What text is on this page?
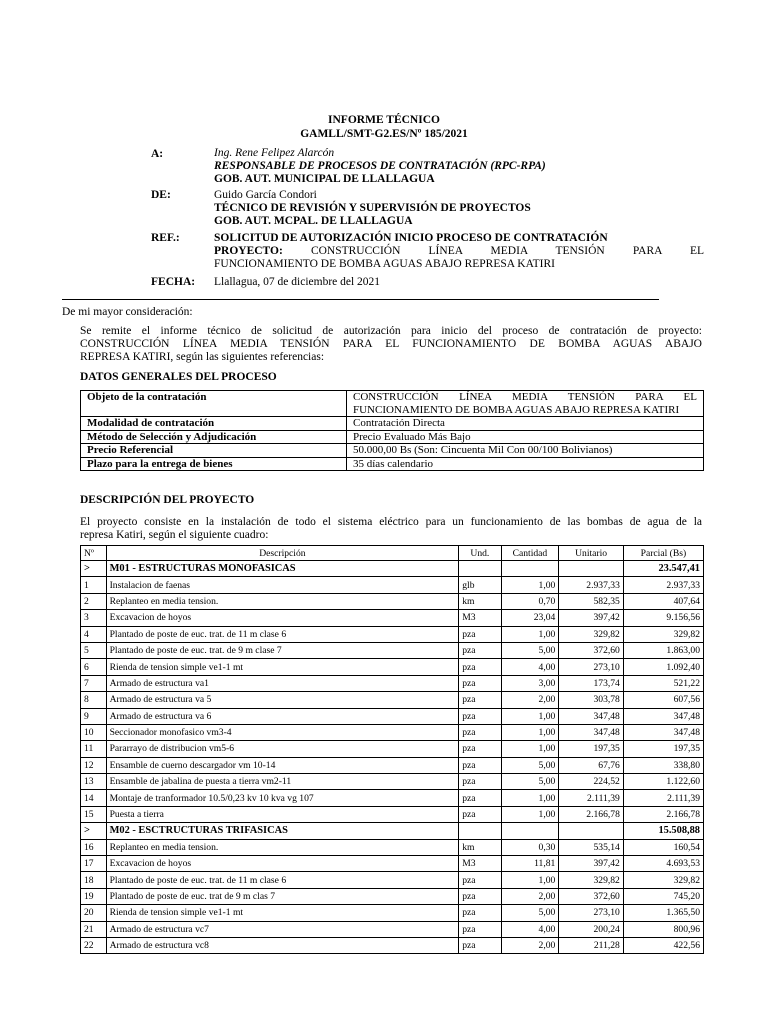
INFORME TÉCNICO
GAMLL/SMT-G2.ES/Nº 185/2021
A:	Ing. Rene Felipez Alarcón
RESPONSABLE DE PROCESOS DE CONTRATACIÓN (RPC-RPA)
GOB. AUT. MUNICIPAL DE LLALLAGUA
DE:	Guido García Condori
TÉCNICO DE REVISIÓN Y SUPERVISIÓN DE PROYECTOS
GOB. AUT. MCPAL. DE LLALLAGUA
REF.:	SOLICITUD DE AUTORIZACIÓN INICIO PROCESO DE CONTRATACIÓN
PROYECTO: CONSTRUCCIÓN LÍNEA MEDIA TENSIÓN PARA EL
FUNCIONAMIENTO DE BOMBA AGUAS ABAJO REPRESA KATIRI
FECHA: Llallagua, 07 de diciembre del 2021
De mi mayor consideración:
Se remite el informe técnico de solicitud de autorización para inicio del proceso de contratación de proyecto:
CONSTRUCCIÓN LÍNEA MEDIA TENSIÓN PARA EL FUNCIONAMIENTO DE BOMBA AGUAS ABAJO
REPRESA KATIRI, según las siguientes referencias:
DATOS GENERALES DEL PROCESO
Objeto de la contratación	CONSTRUCCIÓN LÍNEA MEDIA TENSIÓN PARA EL FUNCIONAMIENTO DE BOMBA AGUAS ABAJO REPRESA KATIRI
Modalidad de contratación	Contratación Directa
Método de Selección y Adjudicación	Precio Evaluado Más Bajo
Precio Referencial	50.000,00 Bs (Son: Cincuenta Mil Con 00/100 Bolivianos)
Plazo para la entrega de bienes	35 días calendario
DESCRIPCIÓN DEL PROYECTO
El proyecto consiste en la instalación de todo el sistema eléctrico para un funcionamiento de las bombas de agua de la
represa Katiri, según el siguiente cuadro:
Nº	Descripción	Und.	Cantidad	Unitario	Parcial (Bs)
>	M01 - ESTRUCTURAS MONOFASICAS				23.547,41
1	Instalacion de faenas	glb	1,00	2.937,33	2.937,33
2	Replanteo en media tension.	km	0,70	582,35	407,64
3	Excavacion de hoyos	M3	23,04	397,42	9.156,56
4	Plantado de poste de euc. trat. de 11 m clase 6	pza	1,00	329,82	329,82
5	Plantado de poste de euc. trat. de 9 m clase 7	pza	5,00	372,60	1.863,00
6	Rienda de tension simple ve1-1 mt	pza	4,00	273,10	1.092,40
7	Armado de estructura va1	pza	3,00	173,74	521,22
8	Armado de estructura va 5	pza	2,00	303,78	607,56
9	Armado de estructura va 6	pza	1,00	347,48	347,48
10	Seccionador monofasico vm3-4	pza	1,00	347,48	347,48
11	Pararrayo de distribucion vm5-6	pza	1,00	197,35	197,35
12	Ensamble de cuerno descargador vm 10-14	pza	5,00	67,76	338,80
13	Ensamble de jabalina de puesta a tierra vm2-11	pza	5,00	224,52	1.122,60
14	Montaje de tranformador 10.5/0,23 kv 10 kva vg 107	pza	1,00	2.111,39	2.111,39
15	Puesta a tierra	pza	1,00	2.166,78	2.166,78
>	M02 - ESCTRUCTURAS TRIFASICAS				15.508,88
16	Replanteo en media tension.	km	0,30	535,14	160,54
17	Excavacion de hoyos	M3	11,81	397,42	4.693,53
18	Plantado de poste de euc. trat. de 11 m clase 6	pza	1,00	329,82	329,82
19	Plantado de poste de euc. trat de 9 m clas 7	pza	2,00	372,60	745,20
20	Rienda de tension simple ve1-1 mt	pza	5,00	273,10	1.365,50
21	Armado de estructura vc7	pza	4,00	200,24	800,96
22	Armado de estructura vc8	pza	2,00	211,28	422,56
